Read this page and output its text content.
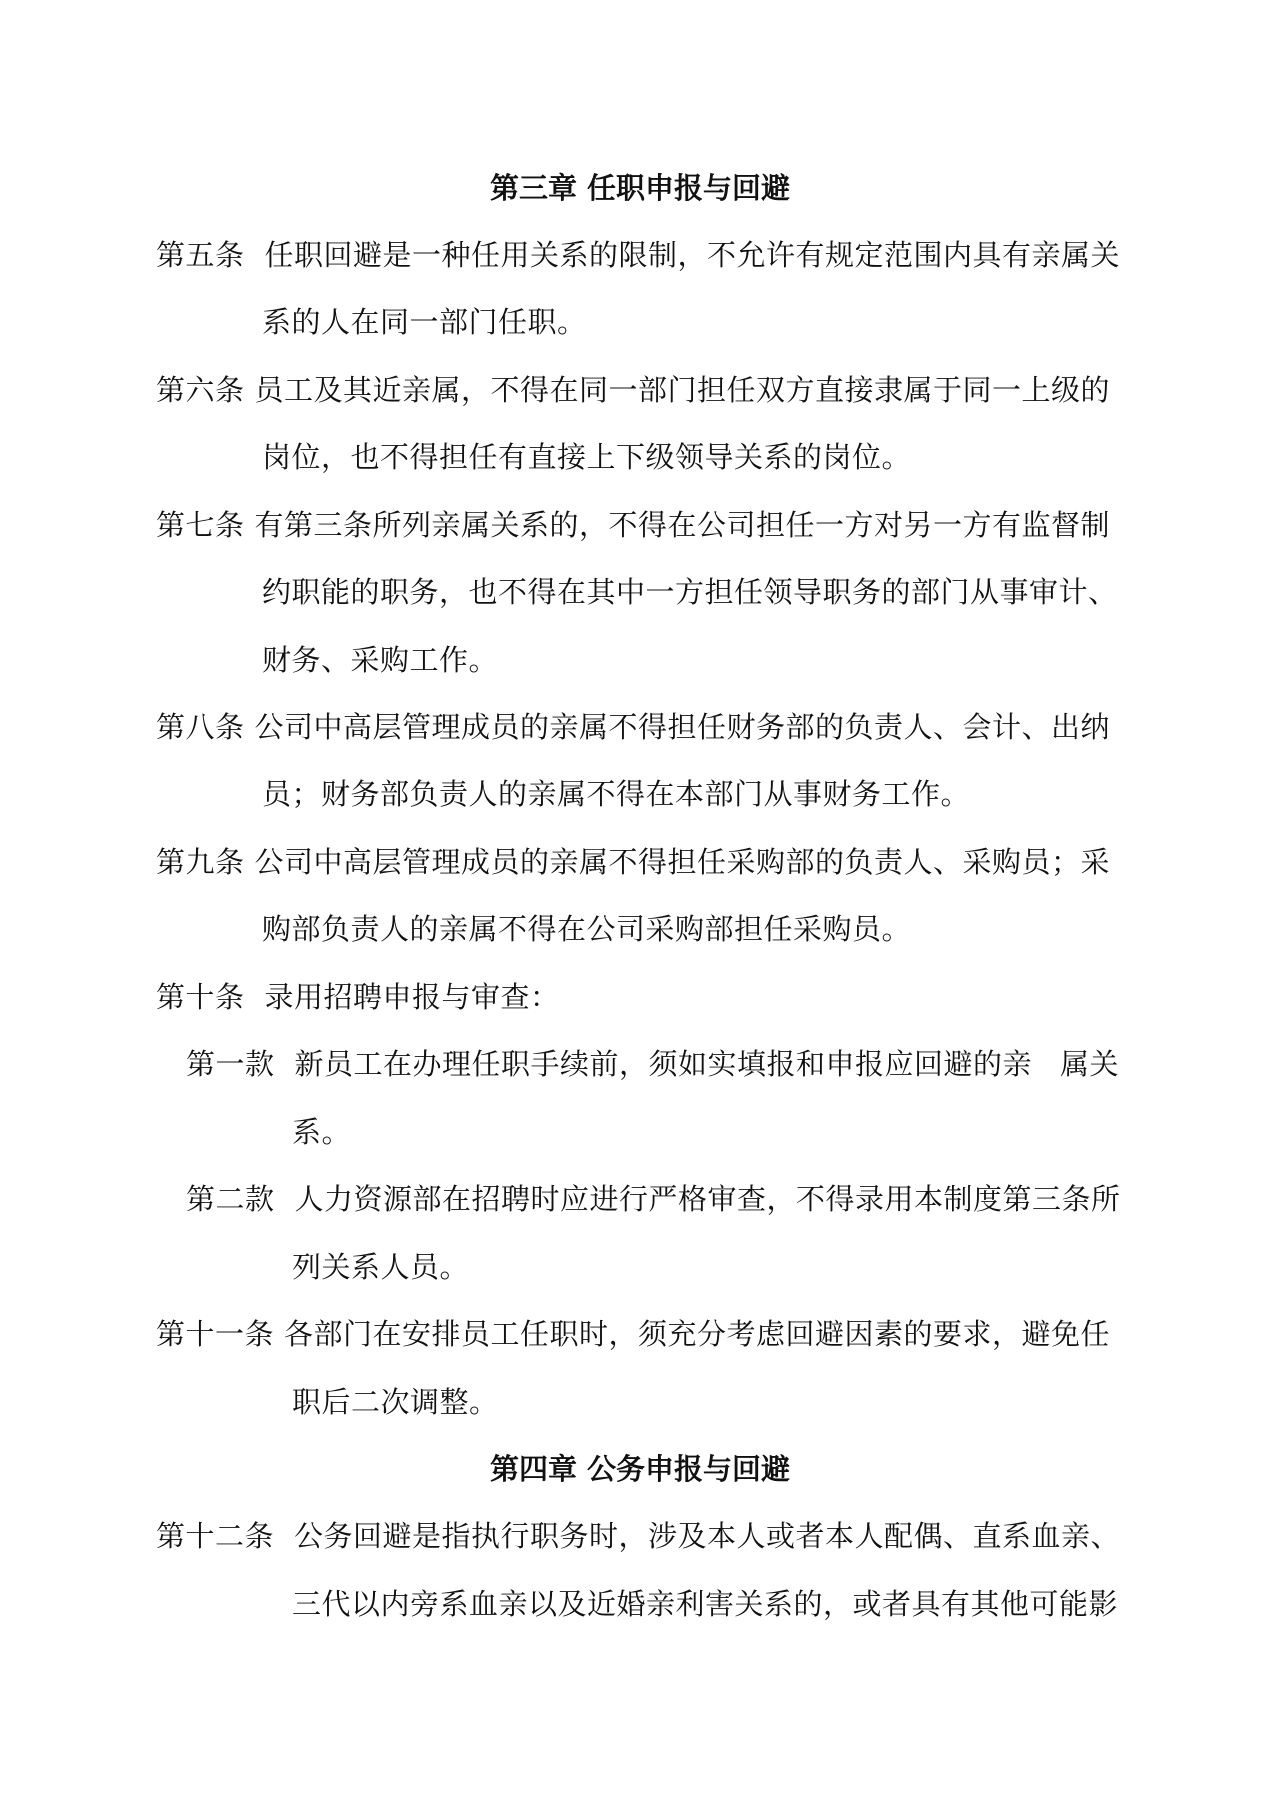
第三章 任职申报与回避
第五条 任职回避是一种任用关系的限制，不允许有规定范围内具有亲属关
系的人在同一部门任职。
第六条 员工及其近亲属，不得在同一部门担任双方直接隶属于同一上级的
岗位，也不得担任有直接上下级领导关系的岗位。
第七条 有第三条所列亲属关系的，不得在公司担任一方对另一方有监督制
约职能的职务，也不得在其中一方担任领导职务的部门从事审计、
财务、采购工作。
第八条 公司中高层管理成员的亲属不得担任财务部的负责人、会计、出纳
员；财务部负责人的亲属不得在本部门从事财务工作。
第九条 公司中高层管理成员的亲属不得担任采购部的负责人、采购员；采
购部负责人的亲属不得在公司采购部担任采购员。
第十条 录用招聘申报与审查：
第一款 新员工在办理任职手续前，须如实填报和申报应回避的亲 属关
系。
第二款 人力资源部在招聘时应进行严格审查，不得录用本制度第三条所
列关系人员。
第十一条 各部门在安排员工任职时，须充分考虑回避因素的要求，避免任
职后二次调整。
第四章 公务申报与回避
第十二条 公务回避是指执行职务时，涉及本人或者本人配偶、直系血亲、
三代以内旁系血亲以及近婚亲利害关系的，或者具有其他可能影
